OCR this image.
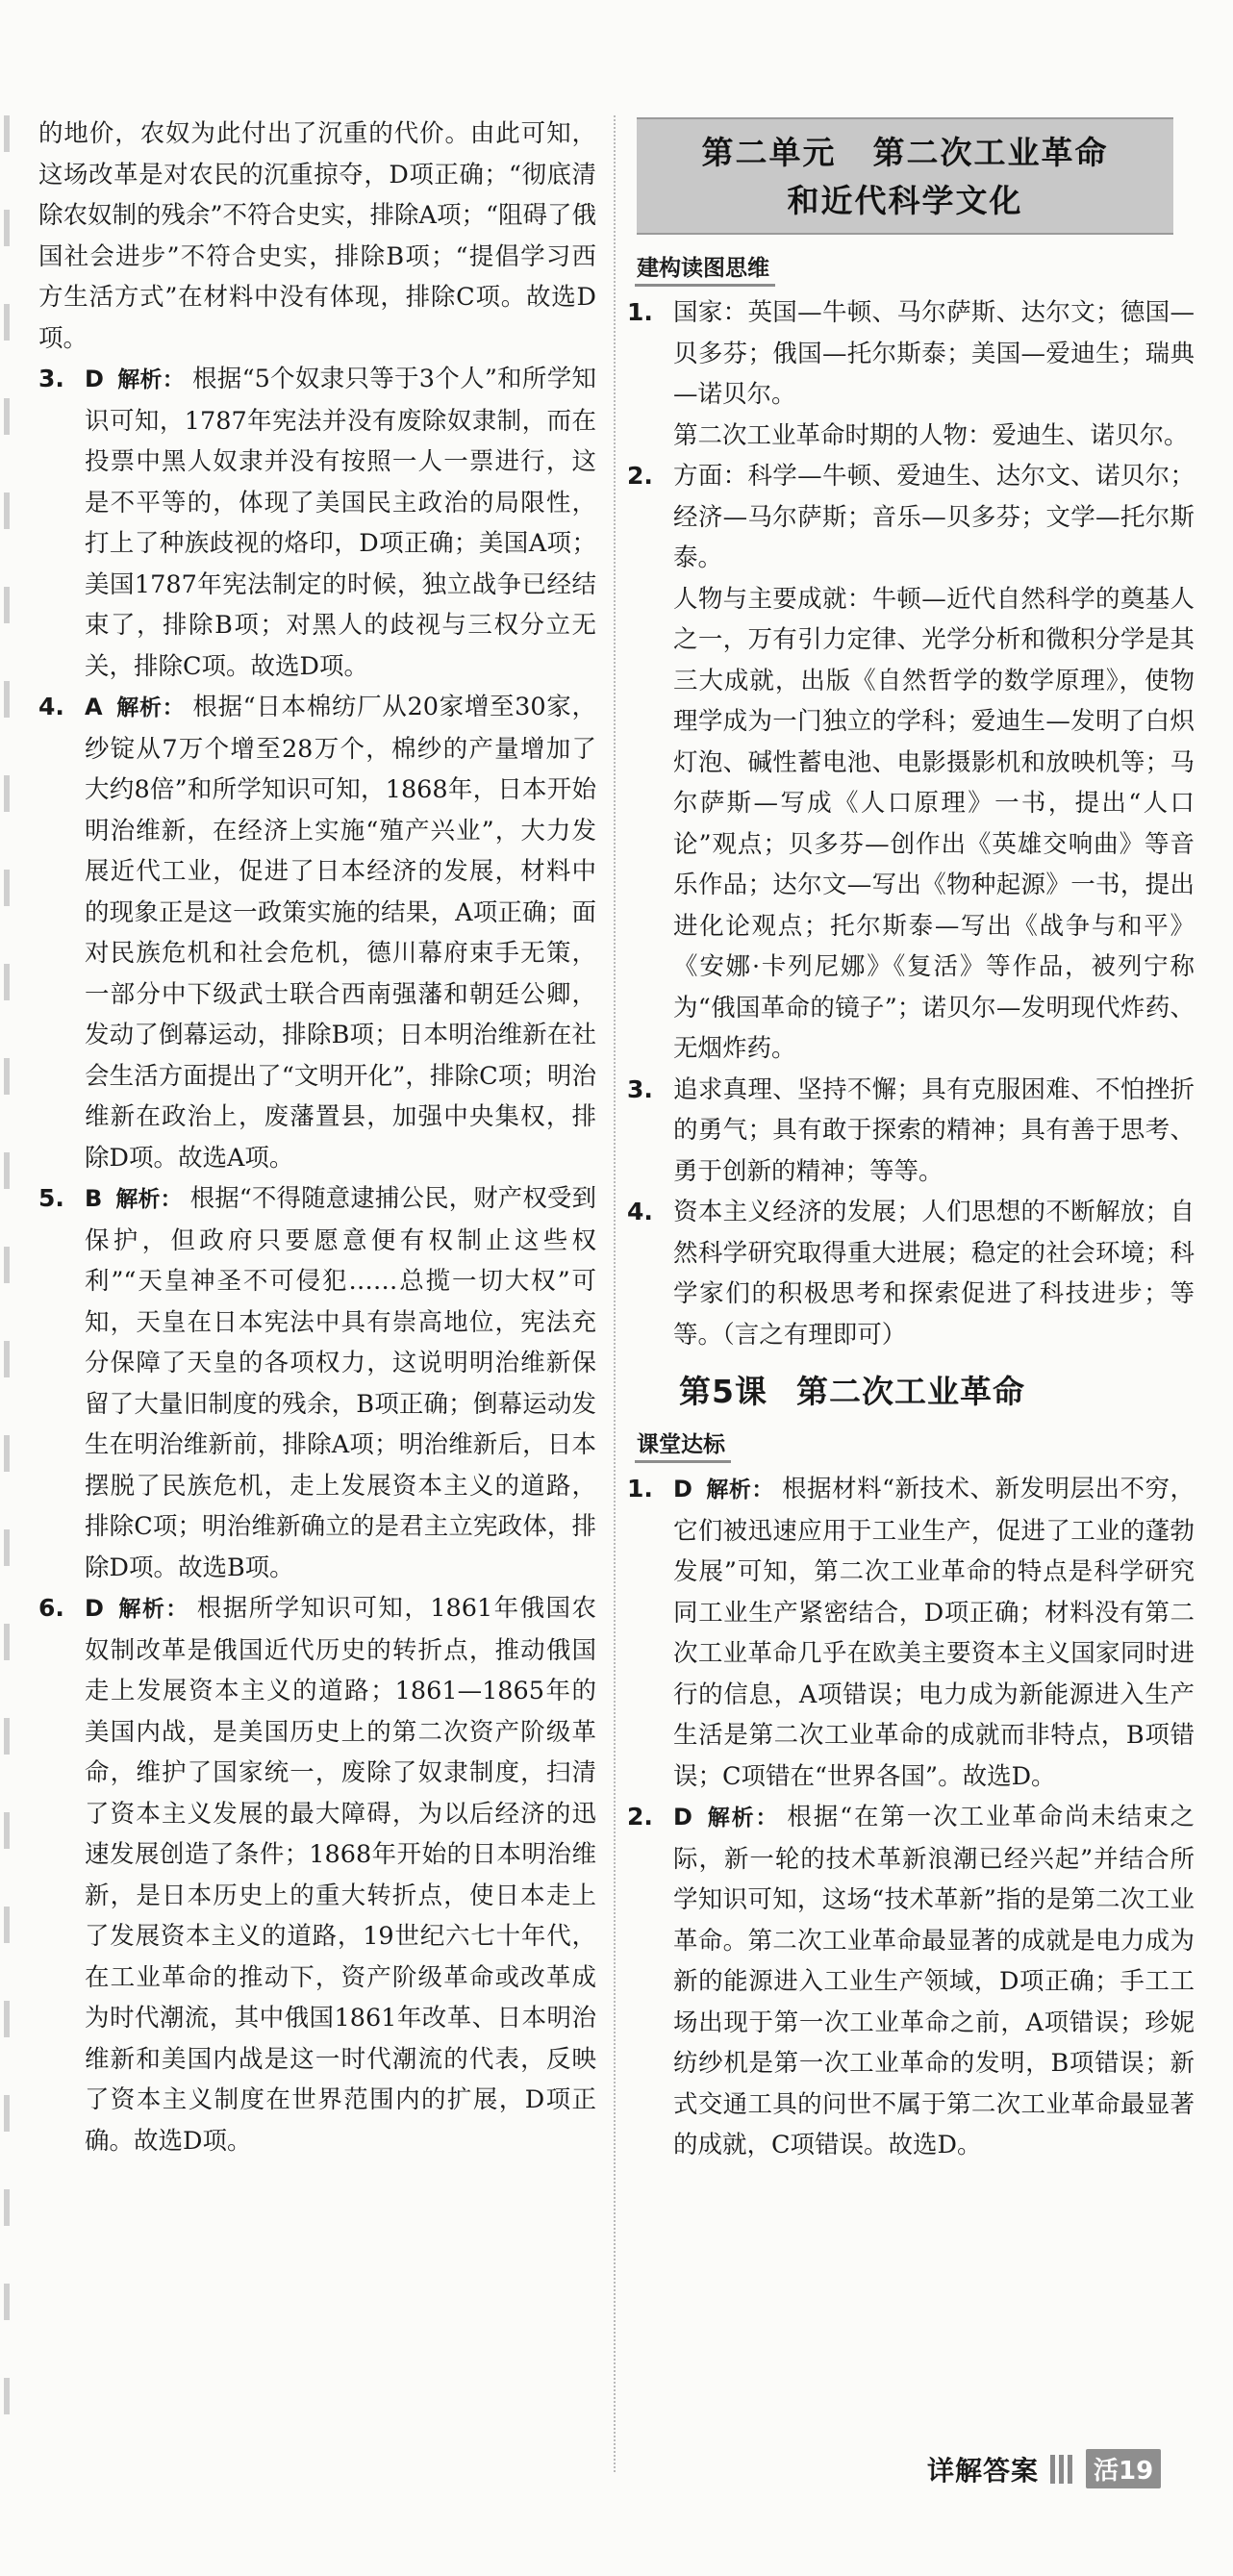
的地价，农奴为此付出了沉重的代价。由此可知，这场改革是对农民的沉重掠夺，D项正确；“彻底清除农奴制的残余”不符合史实，排除A项；“阻碍了俄国社会进步”不符合史实，排除B项；“提倡学习西方生活方式”在材料中没有体现，排除C项。故选D项。

3. D 解析： 根据“5个奴隶只等于3个人”和所学知识可知，1787年宪法并没有废除奴隶制，而在投票中黑人奴隶并没有按照一人一票进行，这是不平等的，体现了美国民主政治的局限性，打上了种族歧视的烙印，D项正确；美国A项；美国1787年宪法制定的时候，独立战争已经结束了，排除B项；对黑人的歧视与三权分立无关，排除C项。故选D项。

4. A 解析： 根据“日本棉纺厂从20家增至30家，纱锭从7万个增至28万个，棉纱的产量增加了大约8倍”和所学知识可知，1868年，日本开始明治维新，在经济上实施“殖产兴业”，大力发展近代工业，促进了日本经济的发展，材料中的现象正是这一政策实施的结果，A项正确；面对民族危机和社会危机，德川幕府束手无策，一部分中下级武士联合西南强藩和朝廷公卿，发动了倒幕运动，排除B项；日本明治维新在社会生活方面提出了“文明开化”，排除C项；明治维新在政治上，废藩置县，加强中央集权，排除D项。故选A项。

5. B 解析： 根据“不得随意逮捕公民，财产权受到保护，但政府只要愿意便有权制止这些权利”“天皇神圣不可侵犯……总揽一切大权”可知，天皇在日本宪法中具有崇高地位，宪法充分保障了天皇的各项权力，这说明明治维新保留了大量旧制度的残余，B项正确；倒幕运动发生在明治维新前，排除A项；明治维新后，日本摆脱了民族危机，走上发展资本主义的道路，排除C项；明治维新确立的是君主立宪政体，排除D项。故选B项。

6. D 解析： 根据所学知识可知，1861年俄国农奴制改革是俄国近代历史的转折点，推动俄国走上发展资本主义的道路；1861—1865年的美国内战，是美国历史上的第二次资产阶级革命，维护了国家统一，废除了奴隶制度，扫清了资本主义发展的最大障碍，为以后经济的迅速发展创造了条件；1868年开始的日本明治维新，是日本历史上的重大转折点，使日本走上了发展资本主义的道路，19世纪六七十年代，在工业革命的推动下，资产阶级革命或改革成为时代潮流，其中俄国1861年改革、日本明治维新和美国内战是这一时代潮流的代表，反映了资本主义制度在世界范围内的扩展，D项正确。故选D项。

第二单元 第二次工业革命
和近代科学文化
建构读图思维
1. 国家：英国—牛顿、马尔萨斯、达尔文；德国—贝多芬；俄国—托尔斯泰；美国—爱迪生；瑞典—诺贝尔。

第二次工业革命时期的人物：爱迪生、诺贝尔。

2. 方面：科学—牛顿、爱迪生、达尔文、诺贝尔；经济—马尔萨斯；音乐—贝多芬；文学—托尔斯泰。

人物与主要成就：牛顿—近代自然科学的奠基人之一，万有引力定律、光学分析和微积分学是其三大成就，出版《自然哲学的数学原理》，使物理学成为一门独立的学科；爱迪生—发明了白炽灯泡、碱性蓄电池、电影摄影机和放映机等；马尔萨斯—写成《人口原理》一书，提出“人口论”观点；贝多芬—创作出《英雄交响曲》等音乐作品；达尔文—写出《物种起源》一书，提出进化论观点；托尔斯泰—写出《战争与和平》《安娜·卡列尼娜》《复活》等作品，被列宁称为“俄国革命的镜子”；诺贝尔—发明现代炸药、无烟炸药。

3. 追求真理、坚持不懈；具有克服困难、不怕挫折的勇气；具有敢于探索的精神；具有善于思考、勇于创新的精神；等等。

4. 资本主义经济的发展；人们思想的不断解放；自然科学研究取得重大进展；稳定的社会环境；科学家们的积极思考和探索促进了科技进步；等等。（言之有理即可）

第5课 第二次工业革命
课堂达标
1. D 解析： 根据材料“新技术、新发明层出不穷，它们被迅速应用于工业生产，促进了工业的蓬勃发展”可知，第二次工业革命的特点是科学研究同工业生产紧密结合，D项正确；材料没有第二次工业革命几乎在欧美主要资本主义国家同时进行的信息，A项错误；电力成为新能源进入生产生活是第二次工业革命的成就而非特点，B项错误；C项错在“世界各国”。故选D。

2. D 解析： 根据“在第一次工业革命尚未结束之际，新一轮的技术革新浪潮已经兴起”并结合所学知识可知，这场“技术革新”指的是第二次工业革命。第二次工业革命最显著的成就是电力成为新的能源进入工业生产领域，D项正确；手工工场出现于第一次工业革命之前，A项错误；珍妮纺纱机是第一次工业革命的发明，B项错误；新式交通工具的问世不属于第二次工业革命最显著的成就，C项错误。故选D。

详解答案	活19
